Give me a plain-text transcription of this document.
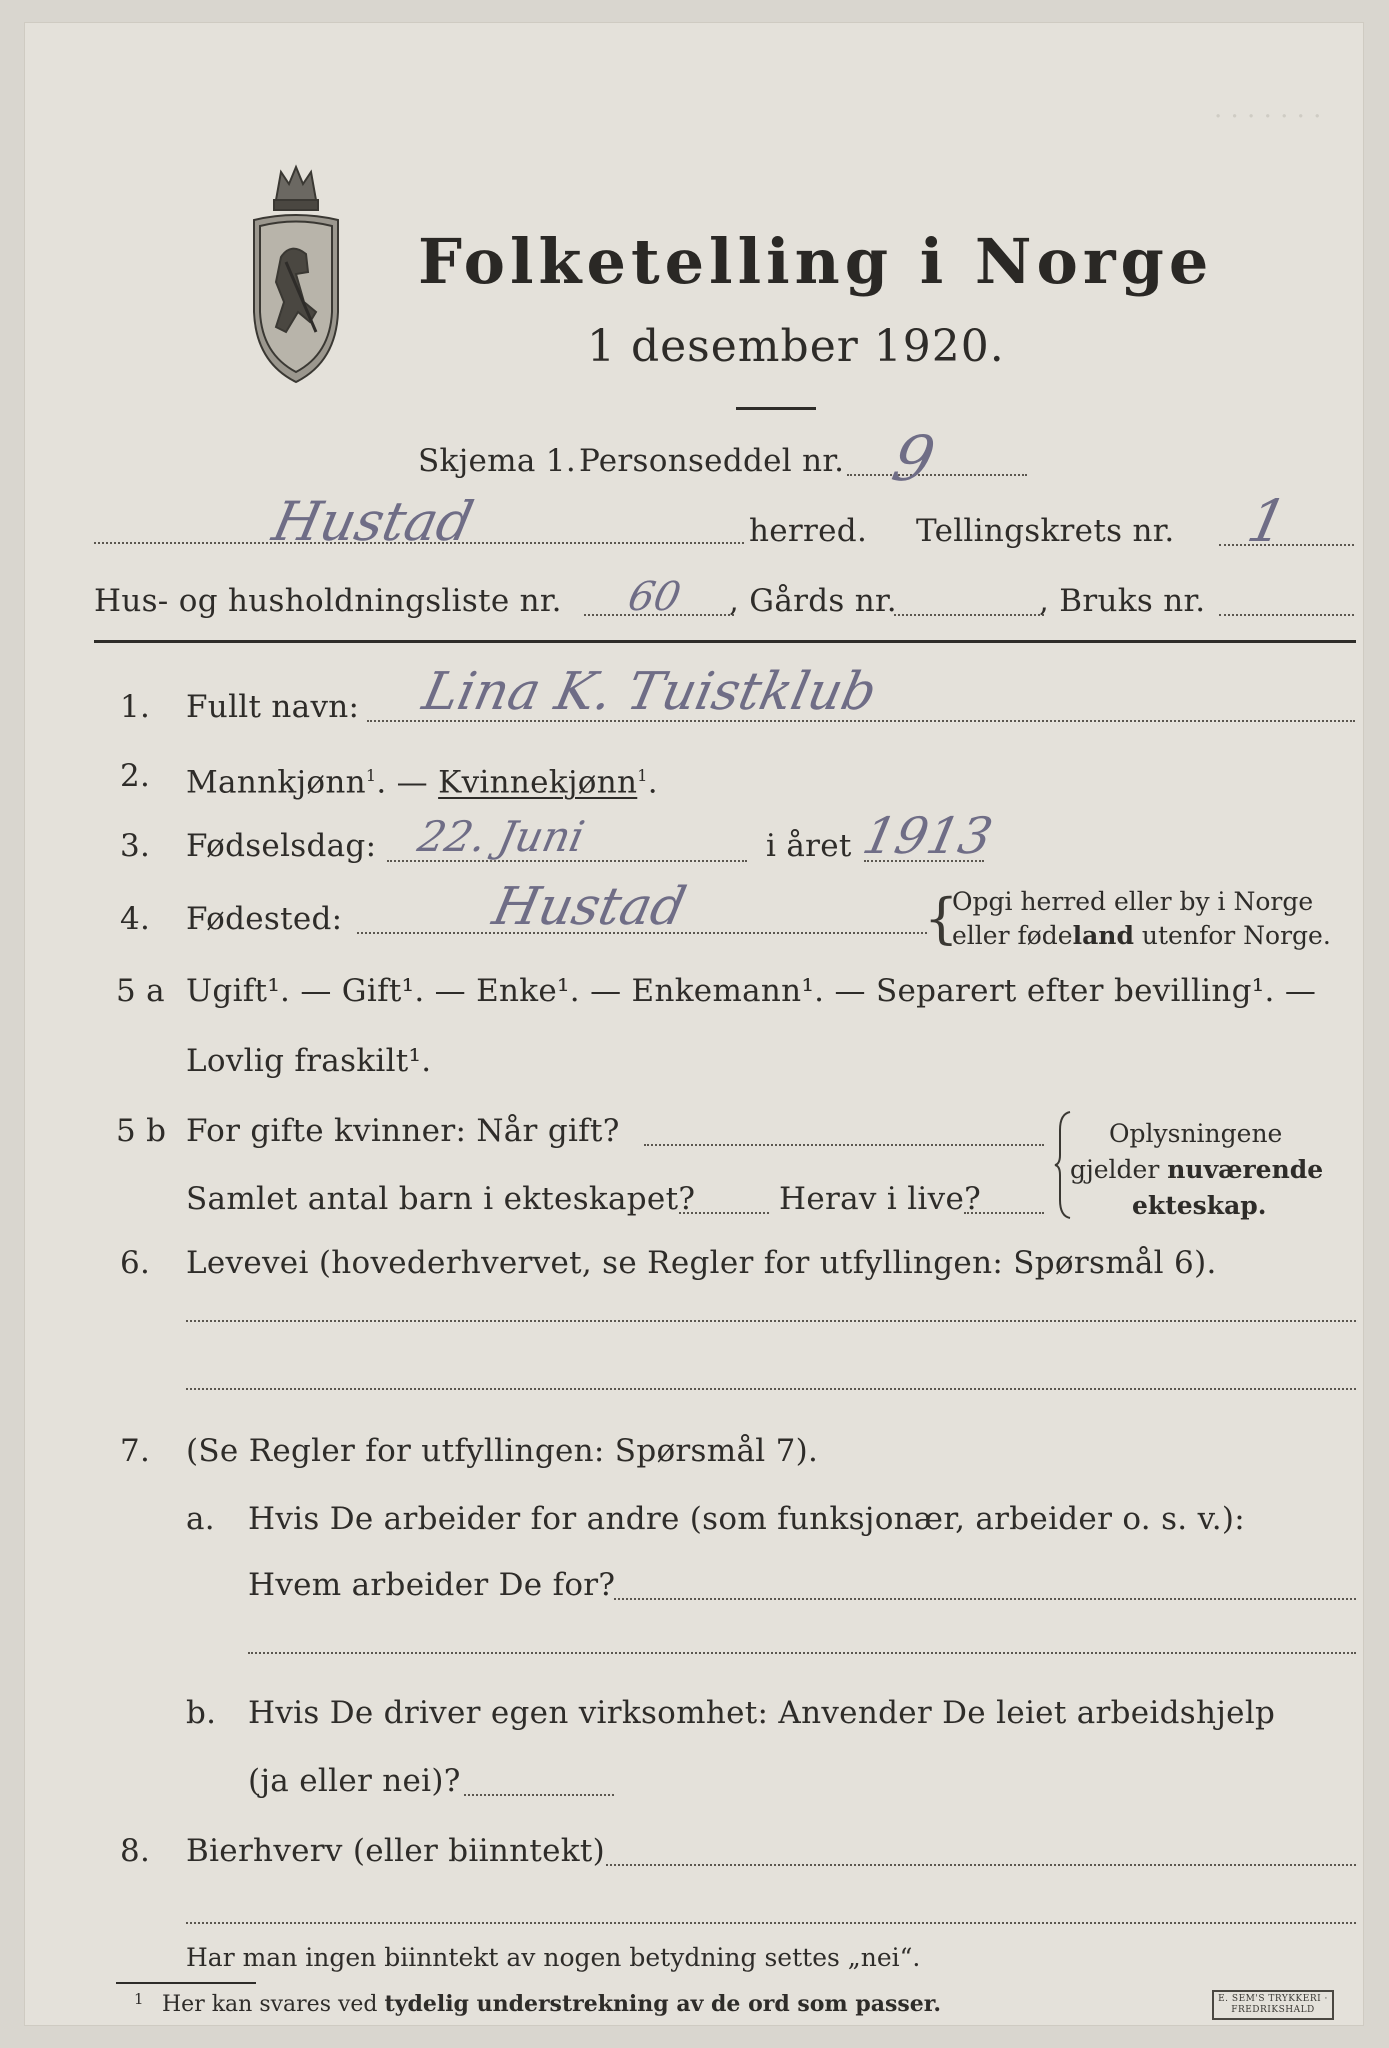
· · · · · · ·
Folketelling i Norge
1 desember 1920.
Skjema 1. Personseddel nr. 9
Hustad	herred. Tellingskrets nr. 1
Hus- og husholdningsliste nr. 60 , Gårds nr.	, Bruks nr.
1. Fullt navn: Lina K. Tuistklub
2. Mannkjønn$^1$. — Kvinnekjønn$^1$.
3. Fødselsdag: 22. Juni	i året 1913
4. Fødested:	Hustad	{
Opgi herred eller by i Norge
eller fødeland utenfor Norge.
5 a Ugift¹. — Gift¹. — Enke¹. — Enkemann¹. — Separert efter bevilling¹. —
Lovlig fraskilt¹.
5 b For gifte kvinner: Når gift?
Samlet antal barn i ekteskapet?	Herav i live?
Oplysningene
gjelder nuværende
ekteskap.
6. Levevei (hovederhvervet, se Regler for utfyllingen: Spørsmål 6).
7. (Se Regler for utfyllingen: Spørsmål 7).
a. Hvis De arbeider for andre (som funksjonær, arbeider o. s. v.):
Hvem arbeider De for?
b. Hvis De driver egen virksomhet: Anvender De leiet arbeidshjelp
(ja eller nei)?
8. Bierhverv (eller biinntekt)
Har man ingen biinntekt av nogen betydning settes „nei“.
1 Her kan svares ved tydelig understrekning av de ord som passer.	E. SEM'S TRYKKERI · FREDRIKSHALD
